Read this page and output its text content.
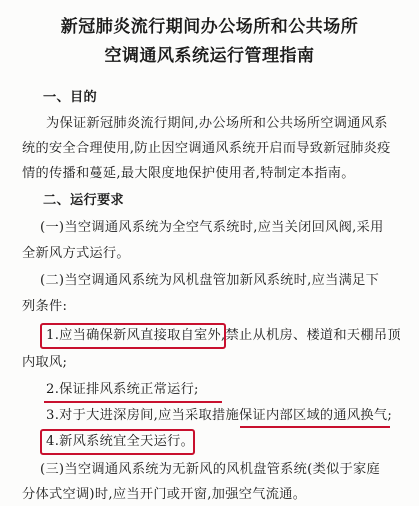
新冠肺炎流行期间办公场所和公共场所
空调通风系统运行管理指南
一、目的
为保证新冠肺炎流行期间,办公场所和公共场所空调通风系
统的安全合理使用,防止因空调通风系统开启而导致新冠肺炎疫
情的传播和蔓延,最大限度地保护使用者,特制定本指南。
二、运行要求
(一)当空调通风系统为全空气系统时,应当关闭回风阀,采用
全新风方式运行。
(二)当空调通风系统为风机盘管加新风系统时,应当满足下
列条件:
1.应当确保新风直接取自室外,禁止从机房、楼道和天棚吊顶
内取风;
2.保证排风系统正常运行;
3.对于大进深房间,应当采取措施保证内部区域的通风换气;
4.新风系统宜全天运行。
(三)当空调通风系统为无新风的风机盘管系统(类似于家庭
分体式空调)时,应当开门或开窗,加强空气流通。
